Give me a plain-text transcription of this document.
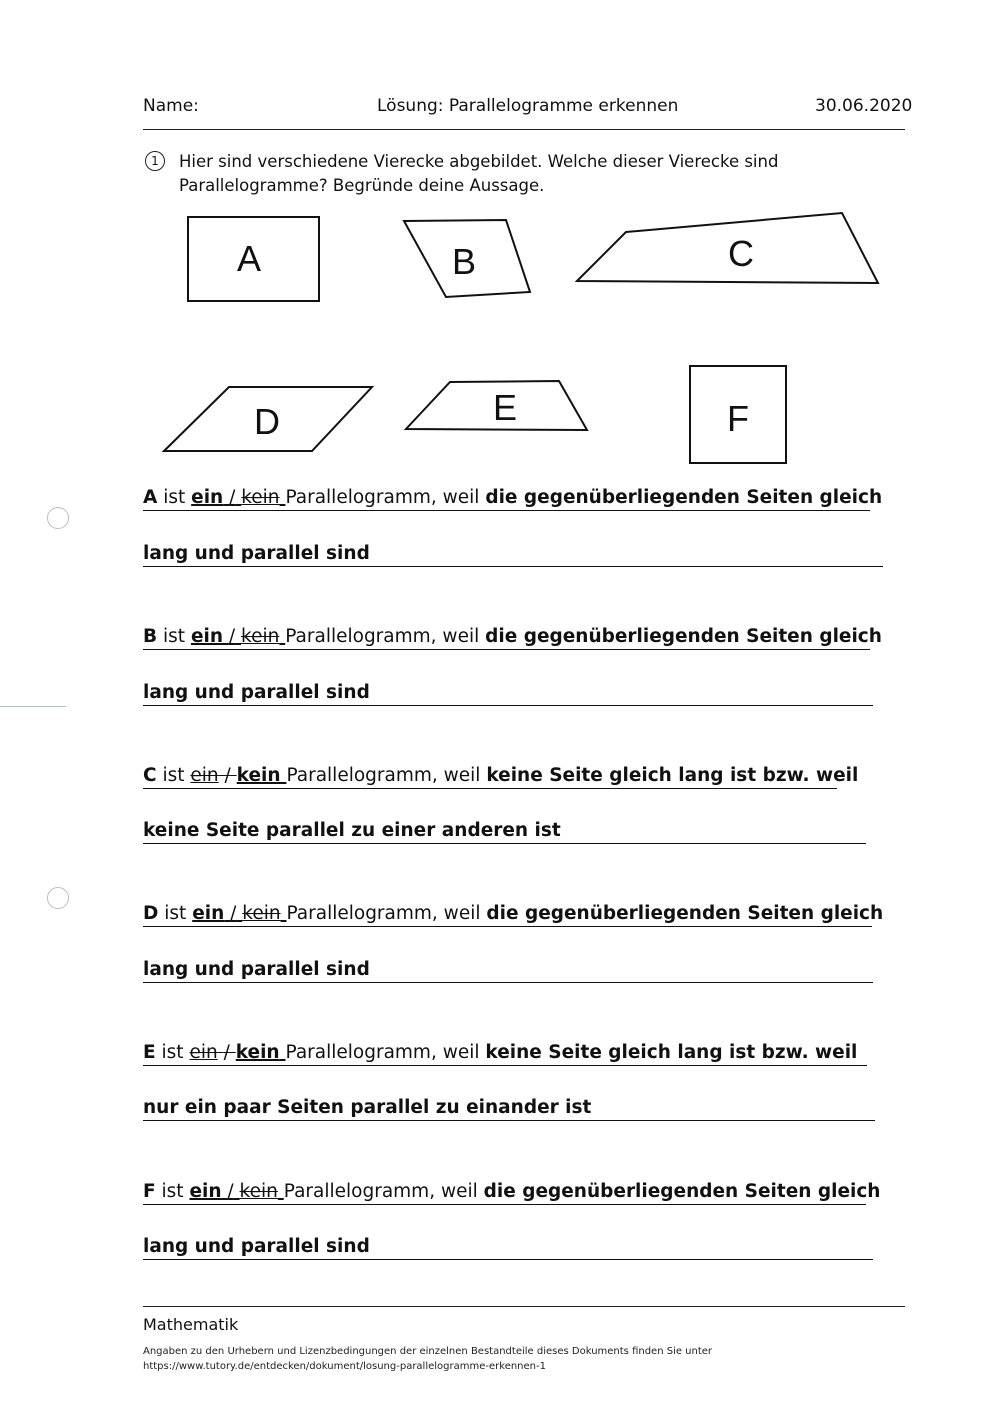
Name:	Lösung: Parallelogramme erkennen	30.06.2020
1	Hier sind verschiedene Vierecke abgebildet. Welche dieser Vierecke sind Parallelogramme? Begründe deine Aussage.
A	B	C
D	E	F
A ist ein / kein Parallelogramm, weil die gegenüberliegenden Seiten gleich
lang und parallel sind
B ist ein / kein Parallelogramm, weil die gegenüberliegenden Seiten gleich
lang und parallel sind
C ist ein / kein Parallelogramm, weil keine Seite gleich lang ist bzw. weil
keine Seite parallel zu einer anderen ist
D ist ein / kein Parallelogramm, weil die gegenüberliegenden Seiten gleich
lang und parallel sind
E ist ein / kein Parallelogramm, weil keine Seite gleich lang ist bzw. weil
nur ein paar Seiten parallel zu einander ist
F ist ein / kein Parallelogramm, weil die gegenüberliegenden Seiten gleich
lang und parallel sind
Mathematik
Angaben zu den Urhebern und Lizenzbedingungen der einzelnen Bestandteile dieses Dokuments finden Sie unter
https://www.tutory.de/entdecken/dokument/losung-parallelogramme-erkennen-1
